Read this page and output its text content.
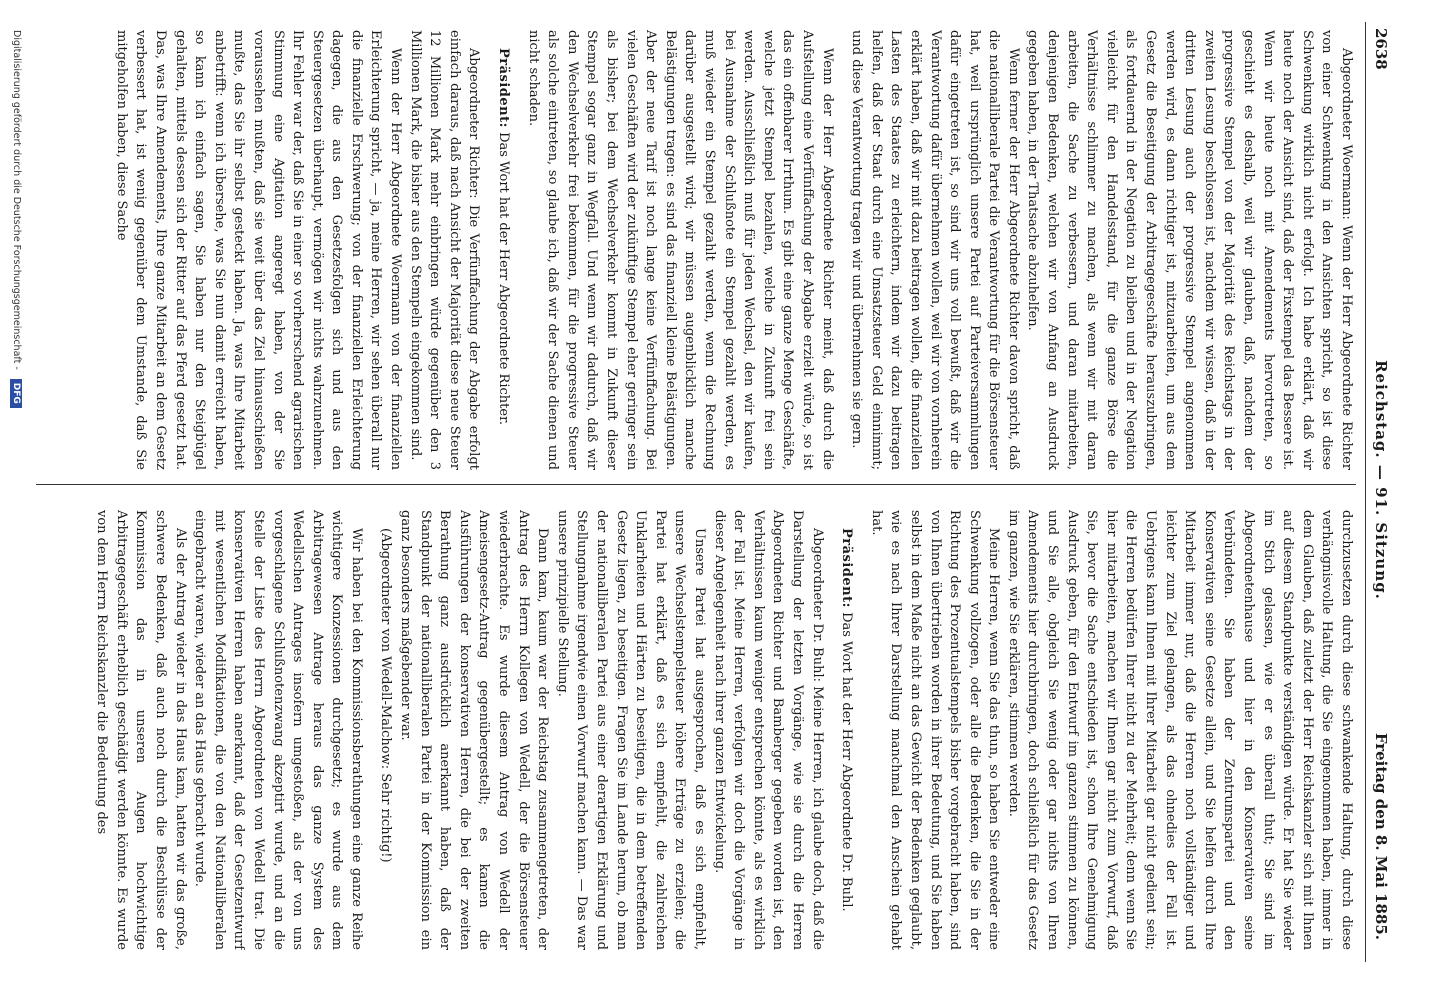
2638
Reichstag. — 91. Sitzung.
Freitag den 8. Mai 1885.

Abgeordneter Woermann: Wenn der Herr Abgeordnete Richter von einer Schwenkung in den Ansichten spricht, so ist diese Schwenkung wirklich nicht erfolgt. Ich habe erklärt, daß wir heute noch der Ansicht sind, daß der Fixstempel das Bessere ist. Wenn wir heute noch mit Amendements hervortreten, so geschieht es deshalb, weil wir glauben, daß, nachdem der progressive Stempel von der Majorität des Reichstags in der zweiten Lesung beschlossen ist, nachdem wir wissen, daß in der dritten Lesung auch der progressive Stempel angenommen werden wird, es dann richtiger ist, mitzuarbeiten, um aus dem Gesetz die Beseitigung der Arbitragegeschäfte herauszubringen, als fortdauernd in der Negation zu bleiben und in der Negation vielleicht für den Handelsstand, für die ganze Börse die Verhältnisse schlimmer zu machen, als wenn wir mit daran arbeiten, die Sache zu verbessern, und daran mitarbeiten, denjenigen Bedenken, welchen wir von Anfang an Ausdruck gegeben haben, in der Thatsache abzuhelfen.

Wenn ferner der Herr Abgeordnete Richter davon spricht, daß die nationalliberale Partei die Verantwortung für die Börsensteuer hat, weil ursprünglich unsere Partei auf Parteiversammlungen dafür eingetreten ist, so sind wir uns voll bewußt, daß wir die Verantwortung dafür übernehmen wollen, weil wir von vornherein erklärt haben, daß wir mit dazu beitragen wollen, die finanziellen Lasten des Staates zu erleichtern, indem wir dazu beitragen helfen, daß der Staat durch eine Umsatzsteuer Geld einnimmt; und diese Verantwortung tragen wir und übernehmen sie gern.

Wenn der Herr Abgeordnete Richter meint, daß durch die Aufstellung eine Verfünffachung der Abgabe erzielt würde, so ist das ein offenbarer Irrthum. Es gibt eine ganze Menge Geschäfte, welche jetzt Stempel bezahlen, welche in Zukunft frei sein werden. Ausschließlich muß für jeden Wechsel, den wir kaufen, bei Ausnahme der Schlußnote ein Stempel gezahlt werden, es muß wieder ein Stempel gezahlt werden, wenn die Rechnung darüber ausgestellt wird; wir müssen augenblicklich manche Belästigungen tragen: es sind das finanziell kleine Belästigungen. Aber der neue Tarif ist noch lange keine Verfünffachung. Bei vielen Geschäften wird der zukünftige Stempel eher geringer sein als bisher; bei dem Wechselverkehr kommt in Zukunft dieser Stempel sogar ganz in Wegfall. Und wenn wir dadurch, daß wir den Wechselverkehr frei bekommen, für die progressive Steuer als solche eintreten, so glaube ich, daß wir der Sache dienen und nicht schaden.

Präsident: Das Wort hat der Herr Abgeordnete Richter.

Abgeordneter Richter: Die Verfünffachung der Abgabe erfolgt einfach daraus, daß nach Ansicht der Majorität diese neue Steuer 12 Millionen Mark mehr einbringen würde gegenüber den 3 Millionen Mark, die bisher aus den Stempeln eingekommen sind.

Wenn der Herr Abgeordnete Woermann von der finanziellen Erleichterung spricht, — ja, meine Herren, wir sehen überall nur die finanzielle Erschwerung; von der finanziellen Erleichterung dagegen, die aus den Gesetzesfolgen sich und aus den Steuergesetzen überhaupt, vermögen wir nichts wahrzunehmen. Ihr Fehler war der, daß Sie in einer so vorherrschend agrarischen Stimmung eine Agitation angeregt haben, von der Sie voraussehen mußten, daß sie weit über das Ziel hinausschießen mußte, das Sie ihr selbst gesteckt haben. Ja, was Ihre Mitarbeit anbetrifft: wenn ich übersehe, was Sie nun damit erreicht haben, so kann ich einfach sagen, Sie haben nur den Steigbügel gehalten, mittels dessen sich der Ritter auf das Pferd gesetzt hat. Das, was Ihre Amendements, Ihre ganze Mitarbeit an dem Gesetz verbessert hat, ist wenig gegenüber dem Umstande, daß Sie mitgeholfen haben, diese Sache

durchzusetzen durch diese schwankende Haltung, durch diese verhängnisvolle Haltung, die Sie eingenommen haben, immer in dem Glauben, daß zuletzt der Herr Reichskanzler sich mit Ihnen auf diesem Standpunkte verständigen würde. Er hat Sie wieder im Stich gelassen, wie er es überall thut; Sie sind im Abgeordnetenhause und hier in den Konservativen seine Verbündeten. Sie haben der Zentrumspartei und den Konservativen seine Gesetze allein, und Sie helfen durch Ihre Mitarbeit immer nur, daß die Herren noch vollständiger und leichter zum Ziel gelangen, als das ohnedies der Fall ist. Uebrigens kann Ihnen mit Ihrer Mitarbeit gar nicht gedient sein; die Herren bedürfen Ihrer nicht zu der Mehrheit; denn wenn Sie hier mitarbeiten, machen wir Ihnen gar nicht zum Vorwurf, daß Sie, bevor die Sache entschieden ist, schon Ihre Genehmigung Ausdruck geben, für den Entwurf im ganzen stimmen zu können, und Sie alle, obgleich Sie wenig oder gar nichts von Ihren Amendements hier durchbringen, doch schließlich für das Gesetz im ganzen, wie Sie erklären, stimmen werden.

Meine Herren, wenn Sie das thun, so haben Sie entweder eine Schwenkung vollzogen, oder alle die Bedenken, die Sie in der Richtung des Prozentualstempels bisher vorgebracht haben, sind von Ihnen übertrieben worden in ihrer Bedeutung, und Sie haben selbst in dem Maße nicht an das Gewicht der Bedenken geglaubt, wie es nach Ihrer Darstellung manchmal den Anschein gehabt hat.

Präsident: Das Wort hat der Herr Abgeordnete Dr. Buhl.

Abgeordneter Dr. Buhl: Meine Herren, ich glaube doch, daß die Darstellung der letzten Vorgänge, wie sie durch die Herren Abgeordneten Richter und Bamberger gegeben worden ist, den Verhältnissen kaum weniger entsprechen könnte, als es wirklich der Fall ist. Meine Herren, verfolgen wir doch die Vorgänge in dieser Angelegenheit nach ihrer ganzen Entwickelung.

Unsere Partei hat ausgesprochen, daß es sich empfiehlt, unsere Wechselstempelsteuer höhere Erträge zu erzielen; die Partei hat erklärt, daß es sich empfiehlt, die zahlreichen Unklarheiten und Härten zu beseitigen, die in dem betreffenden Gesetz liegen, zu beseitigen. Fragen Sie im Lande herum, ob man der nationalliberalen Partei aus einer derartigen Erklärung und Stellungnahme irgendwie einen Vorwurf machen kann. — Das war unsere prinzipielle Stellung.

Dann kam, kaum war der Reichstag zusammengetreten, der Antrag des Herrn Kollegen von Wedell, der die Börsensteuer wiederbrachte. Es wurde diesem Antrag von Wedell der Ameisengesetz-Antrag gegenübergestellt; es kamen die Ausführungen der konservativen Herren, die bei der zweiten Berathung ganz ausdrücklich anerkannt haben, daß der Standpunkt der nationalliberalen Partei in der Kommission ein ganz besonders maßgebender war.

(Abgeordneter von Wedell-Malchow: Sehr richtig!)

Wir haben bei den Kommissionsberathungen eine ganze Reihe wichtigere Konzessionen durchgesetzt; es wurde aus dem Arbitragewesen Antrage heraus das ganze System des Wedellschen Antrages insofern umgestoßen, als der von uns vorgeschlagene Schlußnotenzwang akzeptirt wurde, und an die Stelle der Liste des Herrn Abgeordneten von Wedell trat. Die konservativen Herren haben anerkannt, daß der Gesetzentwurf mit wesentlichen Modifikationen, die von den Nationalliberalen eingebracht waren, wieder an das Haus gebracht wurde.

Als der Antrag wieder in das Haus kam, hatten wir das große, schwere Bedenken, daß auch noch durch die Beschlüsse der Kommission das in unseren Augen hochwichtige Arbitragegeschäft erheblich geschädigt werden könnte. Es wurde von dem Herrn Reichskanzler die Bedeutung des

Digitalisierung gefördert durch die Deutsche Forschungsgemeinschaft - DFG
